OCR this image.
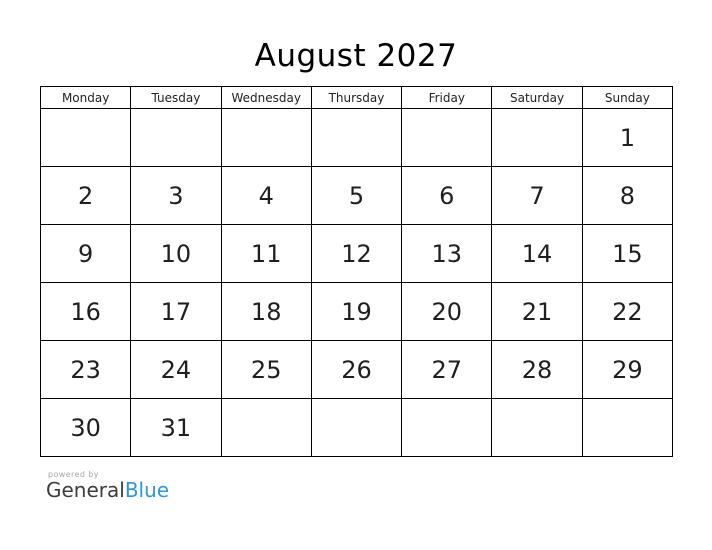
August 2027
Monday	Tuesday	Wednesday	Thursday	Friday	Saturday	Sunday
						1
2	3	4	5	6	7	8
9	10	11	12	13	14	15
16	17	18	19	20	21	22
23	24	25	26	27	28	29
30	31					
powered by
GeneralBlue
